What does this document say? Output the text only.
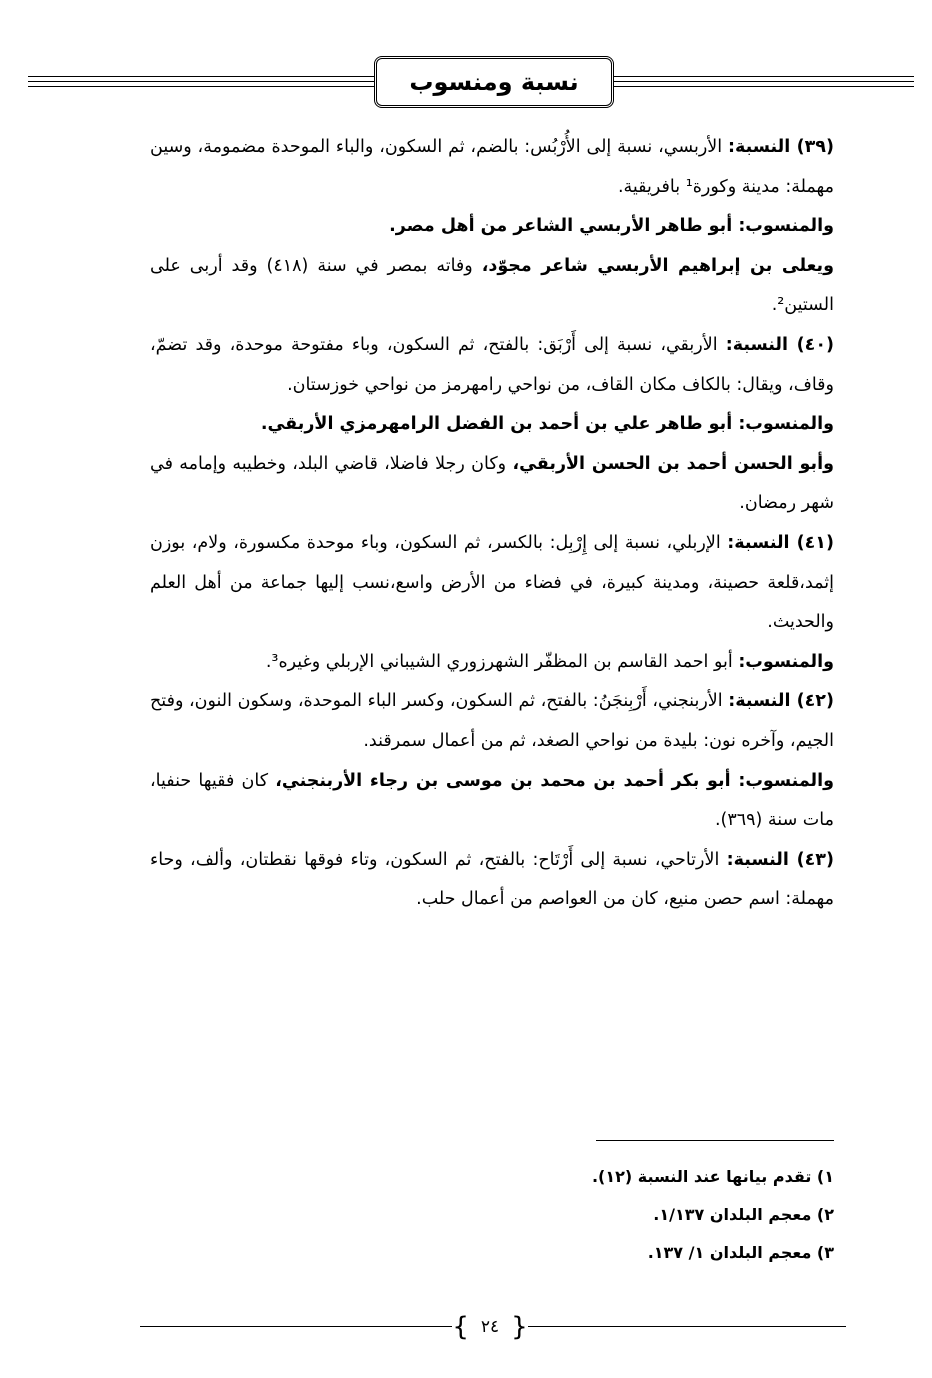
نسبة ومنسوب

(٣٩) النسبة: الأربسي، نسبة إلى الأُرْبُس: بالضم، ثم السكون، والباء الموحدة مضمومة، وسين مهملة: مدينة وكورة¹ بافريقية.

والمنسوب: أبو طاهر الأربسي الشاعر من أهل مصر.

ويعلى بن إبراهيم الأربسي شاعر مجوّد، وفاته بمصر في سنة (٤١٨) وقد أربى على الستين².

(٤٠) النسبة: الأربقي، نسبة إلى أَرْبَق: بالفتح، ثم السكون، وباء مفتوحة موحدة، وقد تضمّ، وقاف، ويقال: بالكاف مكان القاف، من نواحي رامهرمز من نواحي خوزستان.

والمنسوب: أبو طاهر علي بن أحمد بن الفضل الرامهرمزي الأربقي.

وأبو الحسن أحمد بن الحسن الأربقي، وكان رجلا فاضلا، قاضي البلد، وخطيبه وإمامه في شهر رمضان.

(٤١) النسبة: الإربلي، نسبة إلى إِرْبِل: بالكسر، ثم السكون، وباء موحدة مكسورة، ولام، بوزن إثمد،قلعة حصينة، ومدينة كبيرة، في فضاء من الأرض واسع،نسب إليها جماعة من أهل العلم والحديث.

والمنسوب: أبو احمد القاسم بن المظفّر الشهرزوري الشيباني الإربلي وغيره³.

(٤٢) النسبة: الأربنجني، أَرْبِنجَنُ: بالفتح، ثم السكون، وكسر الباء الموحدة، وسكون النون، وفتح الجيم، وآخره نون: بليدة من نواحي الصغد، ثم من أعمال سمرقند.

والمنسوب: أبو بكر أحمد بن محمد بن موسى بن رجاء الأربنجني، كان فقيها حنفيا، مات سنة (٣٦٩).

(٤٣) النسبة: الأرتاحي، نسبة إلى أَرْتَاح: بالفتح، ثم السكون، وتاء فوقها نقطتان، وألف، وحاء مهملة: اسم حصن منيع، كان من العواصم من أعمال حلب.

١) تقدم بيانها عند النسبة (١٢).
٢) معجم البلدان ١/١٣٧.
٣) معجم البلدان ١/ ١٣٧.
{ ٢٤ }
